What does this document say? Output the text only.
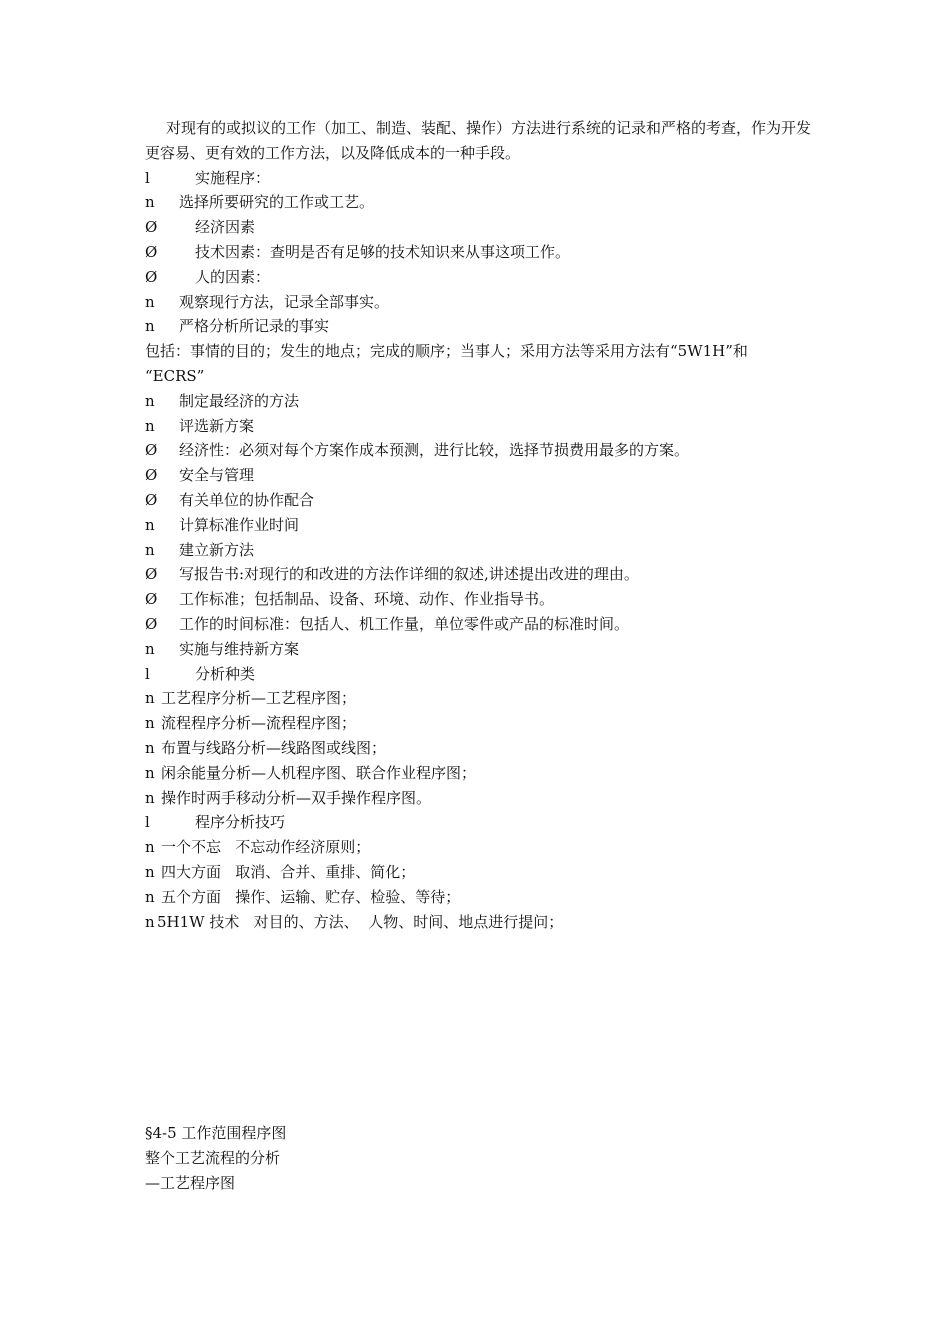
对现有的或拟议的工作（加工、制造、装配、操作）方法进行系统的记录和严格的考查，作为开发更容易、更有效的工作方法，以及降低成本的一种手段。
l	实施程序：
n 选择所要研究的工作或工艺。
Ø	经济因素
Ø	技术因素：查明是否有足够的技术知识来从事这项工作。
Ø	人的因素：
n 观察现行方法，记录全部事实。
n 严格分析所记录的事实
包括：事情的目的；发生的地点；完成的顺序；当事人；采用方法等采用方法有“5W1H”和
“ECRS”
n 制定最经济的方法
n 评选新方案
Ø 经济性：必须对每个方案作成本预测，进行比较，选择节损费用最多的方案。
Ø 安全与管理
Ø 有关单位的协作配合
n 计算标准作业时间
n 建立新方法
Ø 写报告书:对现行的和改进的方法作详细的叙述,讲述提出改进的理由。
Ø 工作标准；包括制品、设备、环境、动作、作业指导书。
Ø 工作的时间标准：包括人、机工作量，单位零件或产品的标准时间。
n 实施与维持新方案
l	分析种类
n 工艺程序分析—工艺程序图；
n 流程程序分析—流程程序图；
n 布置与线路分析—线路图或线图；
n 闲余能量分析—人机程序图、联合作业程序图；
n 操作时两手移动分析—双手操作程序图。
l	程序分析技巧
n 一个不忘   不忘动作经济原则；
n 四大方面   取消、合并、重排、简化；
n 五个方面   操作、运输、贮存、检验、等待；
n 5H1W 技术   对目的、方法、  人物、时间、地点进行提问；
§4-5 工作范围程序图
整个工艺流程的分析
—工艺程序图
